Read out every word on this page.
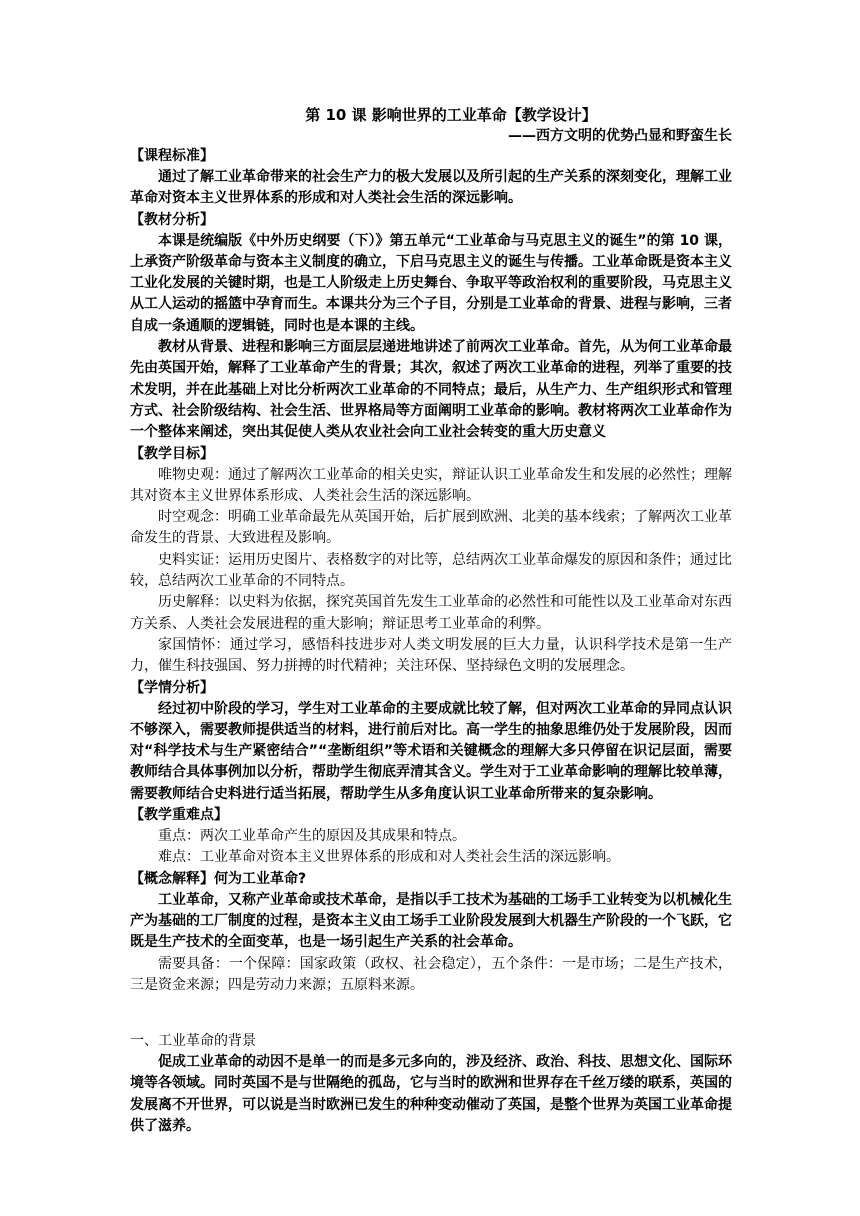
第 10 课 影响世界的工业革命【教学设计】
——西方文明的优势凸显和野蛮生长
【课程标准】
通过了解工业革命带来的社会生产力的极大发展以及所引起的生产关系的深刻变化，理解工业革命对资本主义世界体系的形成和对人类社会生活的深远影响。
【教材分析】
本课是统编版《中外历史纲要（下）》第五单元“工业革命与马克思主义的诞生”的第 10 课，上承资产阶级革命与资本主义制度的确立，下启马克思主义的诞生与传播。工业革命既是资本主义工业化发展的关键时期，也是工人阶级走上历史舞台、争取平等政治权利的重要阶段，马克思主义从工人运动的摇篮中孕育而生。本课共分为三个子目，分别是工业革命的背景、进程与影响，三者自成一条通顺的逻辑链，同时也是本课的主线。
教材从背景、进程和影响三方面层层递进地讲述了前两次工业革命。首先，从为何工业革命最先由英国开始，解释了工业革命产生的背景；其次，叙述了两次工业革命的进程，列举了重要的技术发明，并在此基础上对比分析两次工业革命的不同特点；最后，从生产力、生产组织形式和管理方式、社会阶级结构、社会生活、世界格局等方面阐明工业革命的影响。教材将两次工业革命作为一个整体来阐述，突出其促使人类从农业社会向工业社会转变的重大历史意义
【教学目标】
唯物史观：通过了解两次工业革命的相关史实，辩证认识工业革命发生和发展的必然性；理解其对资本主义世界体系形成、人类社会生活的深远影响。
时空观念：明确工业革命最先从英国开始，后扩展到欧洲、北美的基本线索；了解两次工业革命发生的背景、大致进程及影响。
史料实证：运用历史图片、表格数字的对比等，总结两次工业革命爆发的原因和条件；通过比较，总结两次工业革命的不同特点。
历史解释：以史料为依据，探究英国首先发生工业革命的必然性和可能性以及工业革命对东西方关系、人类社会发展进程的重大影响；辩证思考工业革命的利弊。
家国情怀：通过学习，感悟科技进步对人类文明发展的巨大力量，认识科学技术是第一生产力，催生科技强国、努力拼搏的时代精神；关注环保、坚持绿色文明的发展理念。
【学情分析】
经过初中阶段的学习，学生对工业革命的主要成就比较了解，但对两次工业革命的异同点认识不够深入，需要教师提供适当的材料，进行前后对比。高一学生的抽象思维仍处于发展阶段，因而对“科学技术与生产紧密结合”“垄断组织”等术语和关键概念的理解大多只停留在识记层面，需要教师结合具体事例加以分析，帮助学生彻底弄清其含义。学生对于工业革命影响的理解比较单薄，需要教师结合史料进行适当拓展，帮助学生从多角度认识工业革命所带来的复杂影响。
【教学重难点】
重点：两次工业革命产生的原因及其成果和特点。
难点：工业革命对资本主义世界体系的形成和对人类社会生活的深远影响。
【概念解释】何为工业革命?
工业革命，又称产业革命或技术革命，是指以手工技术为基础的工场手工业转变为以机械化生产为基础的工厂制度的过程，是资本主义由工场手工业阶段发展到大机器生产阶段的一个飞跃，它既是生产技术的全面变革，也是一场引起生产关系的社会革命。
需要具备：一个保障：国家政策（政权、社会稳定），五个条件：一是市场；二是生产技术，三是资金来源；四是劳动力来源；五原料来源。
一、工业革命的背景
促成工业革命的动因不是单一的而是多元多向的，涉及经济、政治、科技、思想文化、国际环境等各领域。同时英国不是与世隔绝的孤岛，它与当时的欧洲和世界存在千丝万缕的联系，英国的发展离不开世界，可以说是当时欧洲已发生的种种变动催动了英国，是整个世界为英国工业革命提供了滋养。
